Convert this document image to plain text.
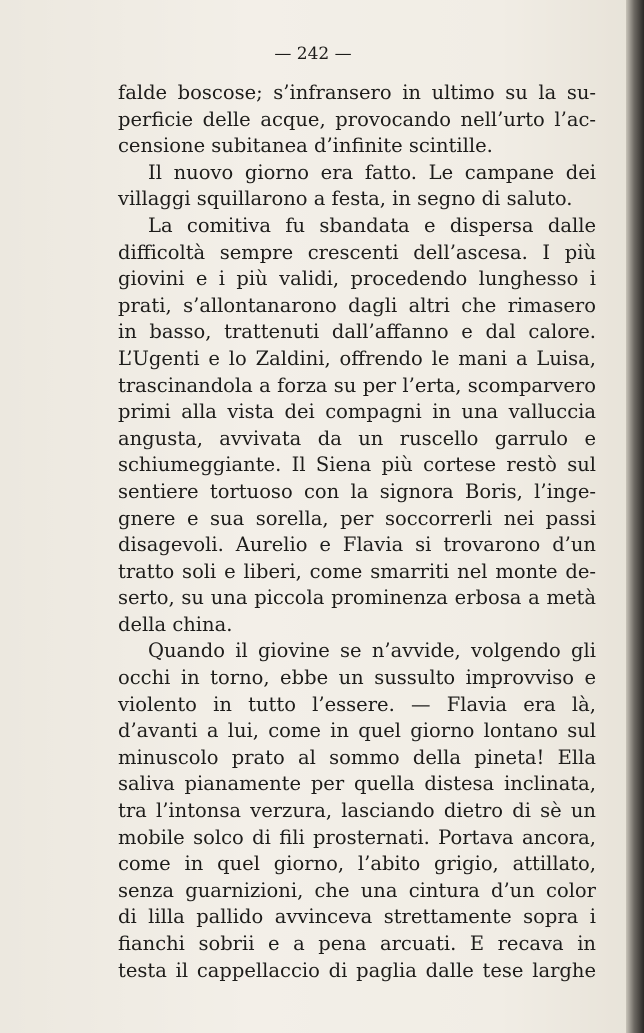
— 242 —

falde boscose; s’infransero in ultimo su la su-
perficie delle acque, provocando nell’urto l’ac-
censione subitanea d’infinite scintille.
Il nuovo giorno era fatto. Le campane dei
villaggi squillarono a festa, in segno di saluto.
La comitiva fu sbandata e dispersa dalle
difficoltà sempre crescenti dell’ascesa. I più
giovini e i più validi, procedendo lunghesso i
prati, s’allontanarono dagli altri che rimasero
in basso, trattenuti dall’affanno e dal calore.
L’Ugenti e lo Zaldini, offrendo le mani a Luisa,
trascinandola a forza su per l’erta, scomparvero
primi alla vista dei compagni in una valluccia
angusta, avvivata da un ruscello garrulo e
schiumeggiante. Il Siena più cortese restò sul
sentiere tortuoso con la signora Boris, l’inge-
gnere e sua sorella, per soccorrerli nei passi
disagevoli. Aurelio e Flavia si trovarono d’un
tratto soli e liberi, come smarriti nel monte de-
serto, su una piccola prominenza erbosa a metà
della china.
Quando il giovine se n’avvide, volgendo gli
occhi in torno, ebbe un sussulto improvviso e
violento in tutto l’essere. — Flavia era là,
d’avanti a lui, come in quel giorno lontano sul
minuscolo prato al sommo della pineta! Ella
saliva pianamente per quella distesa inclinata,
tra l’intonsa verzura, lasciando dietro di sè un
mobile solco di fili prosternati. Portava ancora,
come in quel giorno, l’abito grigio, attillato,
senza guarnizioni, che una cintura d’un color
di lilla pallido avvinceva strettamente sopra i
fianchi sobrii e a pena arcuati. E recava in
testa il cappellaccio di paglia dalle tese larghe
